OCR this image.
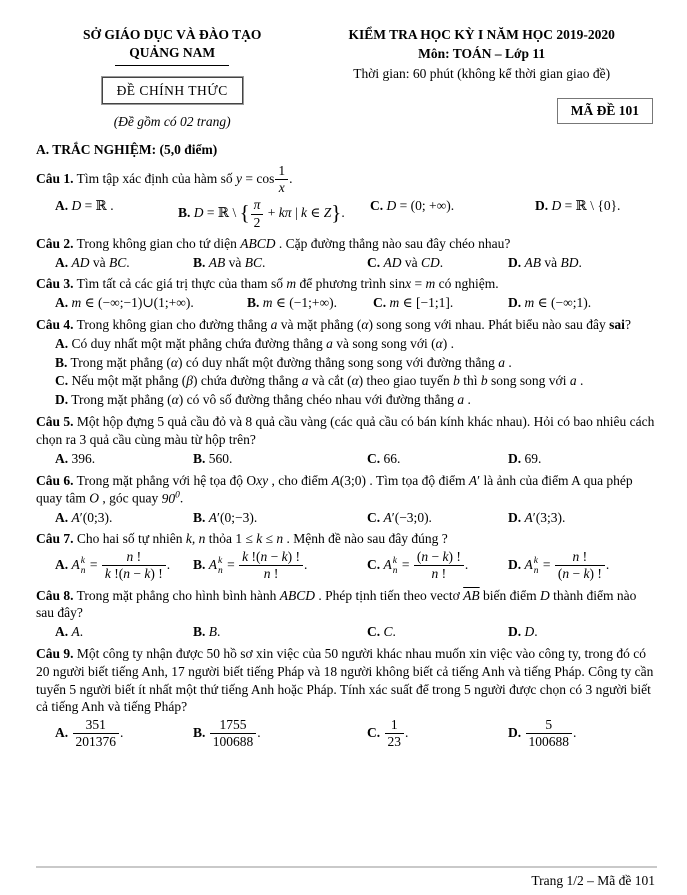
SỞ GIÁO DỤC VÀ ĐÀO TẠO
QUẢNG NAM
ĐỀ CHÍNH THỨC
(Đề gồm có 02 trang)
KIỂM TRA HỌC KỲ I NĂM HỌC 2019-2020
Môn: TOÁN – Lớp 11
Thời gian: 60 phút (không kể thời gian giao đề)
MÃ ĐỀ 101
A. TRẮC NGHIỆM: (5,0 điểm)

Câu 1. Tìm tập xác định của hàm số $y = \cos \frac{1}{x}$ .

A. D = ℝ .	B. D = ℝ \ { $\frac{\pi}{2} + k\pi$ | k ∈ Z}.	C. D = (0; +∞).	D. D = ℝ \ {0}.

Câu 2. Trong không gian cho tứ diện ABCD . Cặp đường thẳng nào sau đây chéo nhau?

A. AD và BC.	B. AB và BC.	C. AD và CD.	D. AB và BD.

Câu 3. Tìm tất cả các giá trị thực của tham số m để phương trình sinx = m có nghiệm.

A. m ∈ (−∞;−1)∪(1;+∞).	B. m ∈ (−1;+∞).	C. m ∈ [−1;1].	D. m ∈ (−∞;1).

Câu 4. Trong không gian cho đường thẳng a và mặt phẳng (α) song song với nhau. Phát biểu nào sau đây sai?

A. Có duy nhất một mặt phẳng chứa đường thẳng a và song song với (α) .
B. Trong mặt phẳng (α) có duy nhất một đường thẳng song song với đường thẳng a .
C. Nếu một mặt phẳng (β) chứa đường thẳng a và cắt (α) theo giao tuyến b thì b song song với a .
D. Trong mặt phẳng (α) có vô số đường thẳng chéo nhau với đường thẳng a .

Câu 5. Một hộp đựng 5 quả cầu đỏ và 8 quả cầu vàng (các quả cầu có bán kính khác nhau). Hỏi có bao nhiêu cách chọn ra 3 quả cầu cùng màu từ hộp trên?

A. 396.	B. 560.	C. 66.	D. 69.

Câu 6. Trong mặt phẳng với hệ tọa độ Oxy , cho điểm A(3;0) . Tìm tọa độ điểm A′ là ảnh của điểm A qua phép quay tâm O , góc quay $90^0$.

A. A′(0;3).	B. A′(0;−3).	C. A′(−3;0).	D. A′(3;3).

Câu 7. Cho hai số tự nhiên k, n thỏa 1 ≤ k ≤ n . Mệnh đề nào sau đây đúng ?

A. A k
$n = \frac{n !}{k !(n - k) !}$ .	B. A k
$n = \frac{k !(n - k) !}{n !}$ .	C. A k
$n = \frac{(n - k) !}{n !}$ .	D. A k
$n = \frac{n !}{(n - k) !}$ .

Câu 8. Trong mặt phẳng cho hình bình hành ABCD . Phép tịnh tiến theo vectơ $\overline{AB}$ biến điểm D thành điểm nào sau đây?

A. A.	B. B.	C. C.	D. D.

Câu 9. Một công ty nhận được 50 hồ sơ xin việc của 50 người khác nhau muốn xin việc vào công ty, trong đó có 20 người biết tiếng Anh, 17 người biết tiếng Pháp và 18 người không biết cả tiếng Anh và tiếng Pháp. Công ty cần tuyển 5 người biết ít nhất một thứ tiếng Anh hoặc Pháp. Tính xác suất để trong 5 người được chọn có 3 người biết cả tiếng Anh và tiếng Pháp?

A. $\frac{351}{201376}$ .	B. $\frac{1755}{100688}$ .	C. $\frac{1}{23}$ .	D. $\frac{5}{100688}$ .
Trang 1/2 – Mã đề 101
